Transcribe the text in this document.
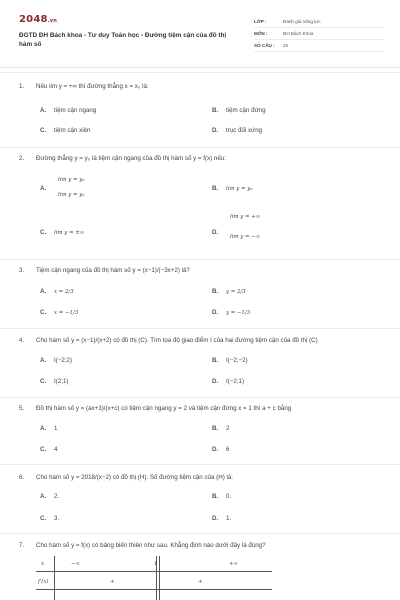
2048.vn
ĐGTD ĐH Bách khoa - Tư duy Toán học - Đường tiệm cận của đồ thị hàm số
LỚP :	Đánh giá năng lực
MÔN :	ĐH Bách Khoa
SỐ CÂU : 25
1. Nếu lim y = +∞ thì đường thẳng x = x₀ là:
A. tiệm cận ngang	B. tiệm cận đứng
C. tiệm cận xiên	D. trục đối xứng
2. Đường thẳng y = y₀ là tiệm cận ngang của đồ thị hàm số y = f(x) nếu:
A.
lim y = y₀
lim y = y₀
B. lim y = y₀
C. lim y = ±∞	D.
lim y = +∞
lim y = −∞
3. Tiệm cận ngang của đồ thị hàm số y = (x−1)/(−3x+2) là?
A. x = 2/3	B. y = 2/3
C. x = −1/3	D. y = −1/3
4. Cho hàm số y = (x−1)/(x+2) có đồ thị (C). Tìm tọa độ giao điểm I của hai đường tiệm cận của đồ thị (C)
A. I(−2;2)	B. I(−2;−2)
C. I(2;1)	D. I(−2;1)
5. Đồ thị hàm số y = (ax+3)/(x+c) có tiệm cận ngang y = 2 và tiệm cận đứng x = 1 thì a + c bằng
A. 1	B. 2
C. 4	D. 6
6. Cho hàm số y = 2018/(x−2) có đồ thị (H). Số đường tiệm cận của (H) là:
A. 2.	B. 0.
C. 3.	D. 1.
7. Cho hàm số y = f(x) có bảng biến thiên như sau. Khẳng định nào dưới đây là đúng?
x	−∞	1	+∞
f′(x)	+	+
